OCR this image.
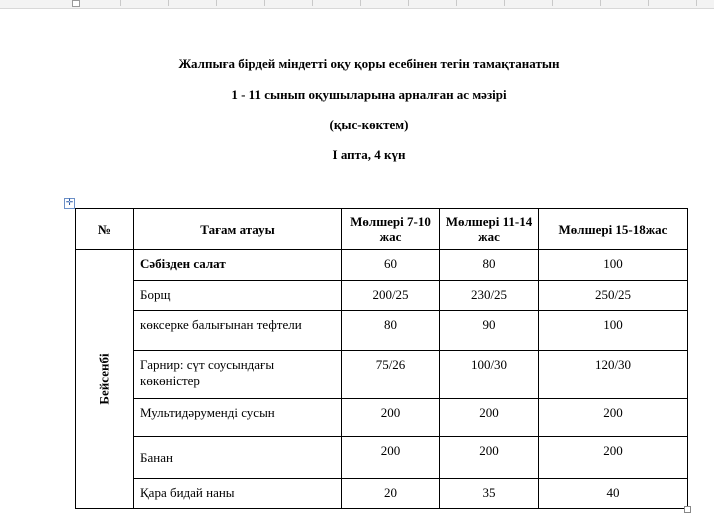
Жалпыға бірдей міндетті оқу қоры есебінен тегін тамақтанатын
1 - 11 сынып оқушыларына арналған ас мәзірі
(қыс-көктем)
I апта, 4 күн
✛
№	Тағам атауы	Мөлшері 7-10 жас	Мөлшері 11-14 жас	Мөлшері 15-18жас
Бейсенбі	Сәбізден салат	60	80	100
	Борщ	200/25	230/25	250/25
	көксерке балығынан тефтели	80	90	100
	Гарнир: сүт соусындағы көкөністер	75/26	100/30	120/30
	Мультидәруменді сусын	200	200	200
	Банан	200	200	200
	Қара бидай наны	20	35	40
